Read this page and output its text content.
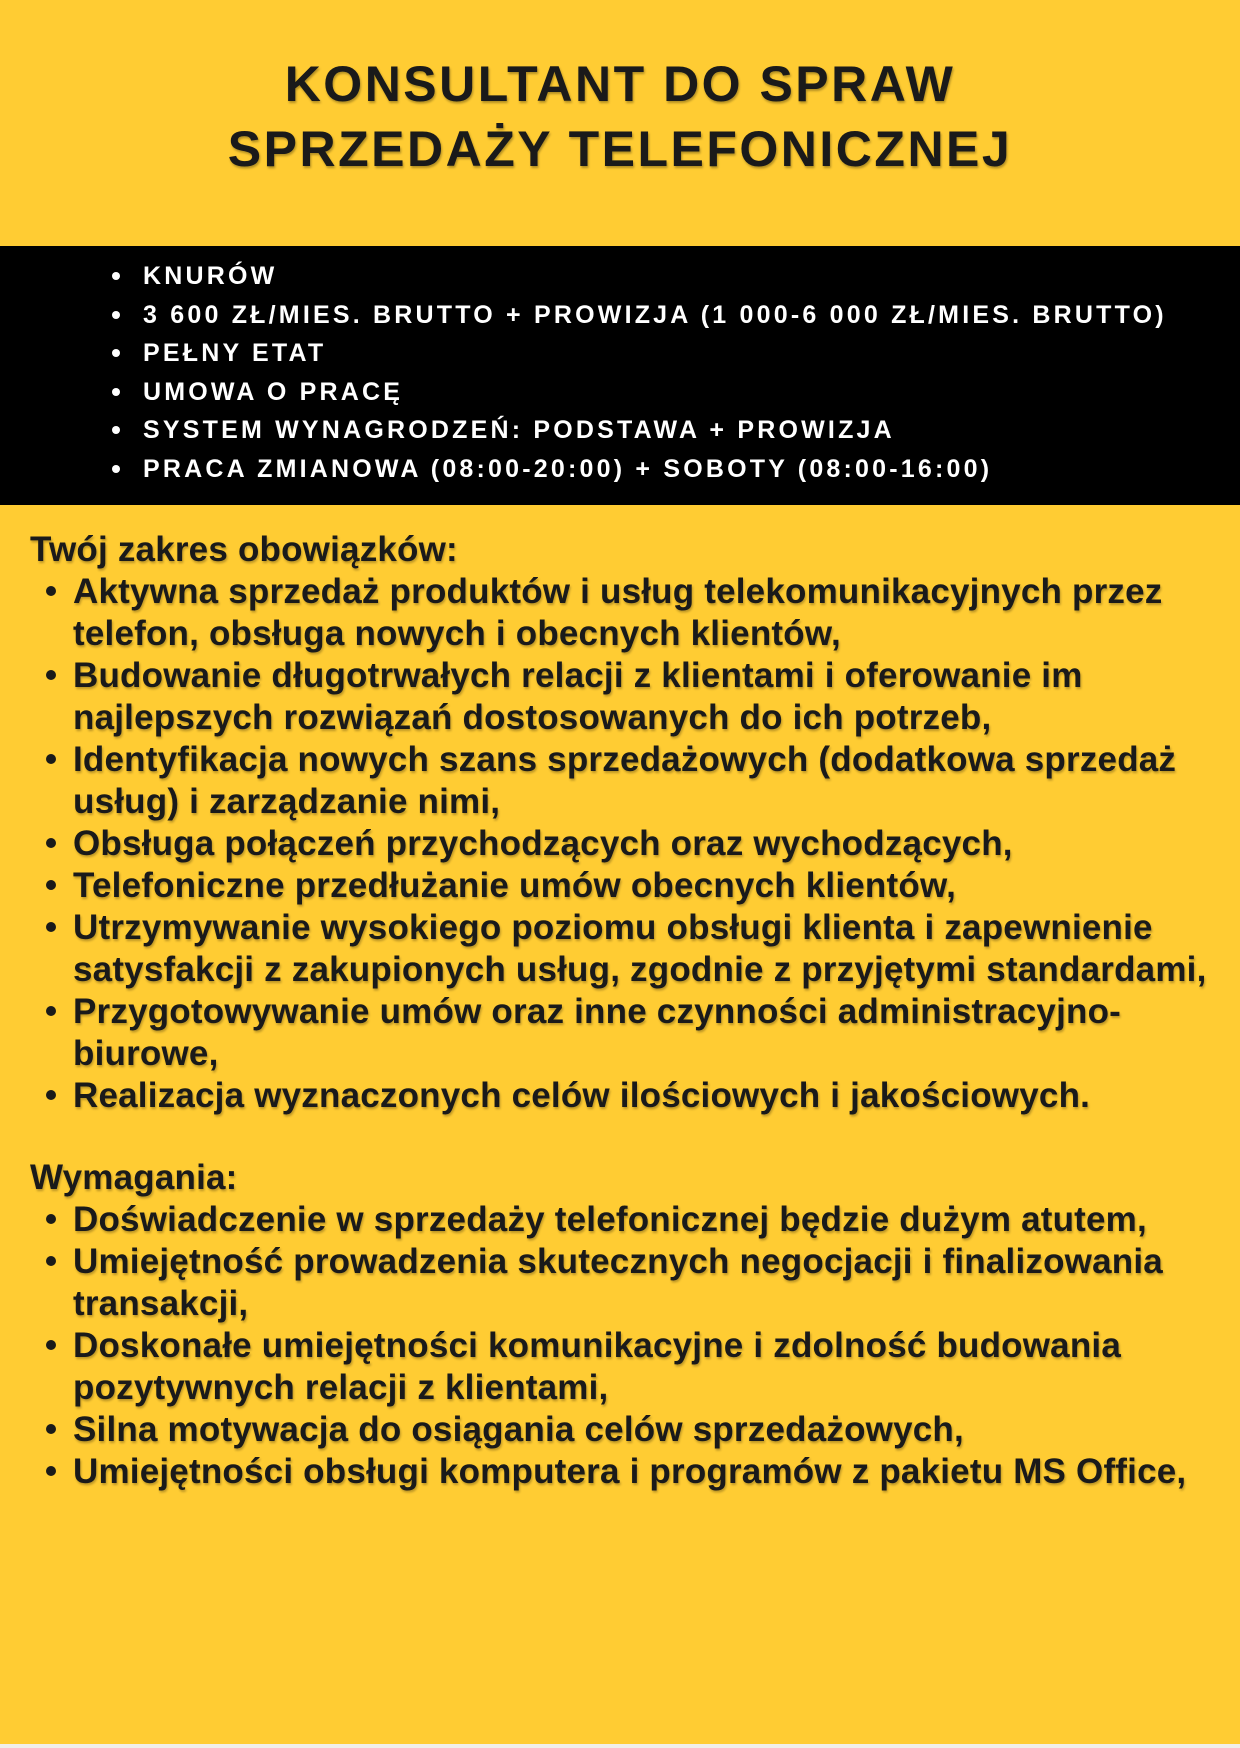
KONSULTANT DO SPRAW
SPRZEDAŻY TELEFONICZNEJ
KNURÓW
3 600 ZŁ/MIES. BRUTTO + PROWIZJA (1 000-6 000 ZŁ/MIES. BRUTTO)
PEŁNY ETAT
UMOWA O PRACĘ
SYSTEM WYNAGRODZEŃ: PODSTAWA + PROWIZJA
PRACA ZMIANOWA (08:00-20:00) + SOBOTY (08:00-16:00)
Twój zakres obowiązków:
Aktywna sprzedaż produktów i usług telekomunikacyjnych przez telefon, obsługa nowych i obecnych klientów,
Budowanie długotrwałych relacji z klientami i oferowanie im najlepszych rozwiązań dostosowanych do ich potrzeb,
Identyfikacja nowych szans sprzedażowych (dodatkowa sprzedaż usług) i zarządzanie nimi,
Obsługa połączeń przychodzących oraz wychodzących,
Telefoniczne przedłużanie umów obecnych klientów,
Utrzymywanie wysokiego poziomu obsługi klienta i zapewnienie satysfakcji z zakupionych usług, zgodnie z przyjętymi standardami,
Przygotowywanie umów oraz inne czynności administracyjno-biurowe,
Realizacja wyznaczonych celów ilościowych i jakościowych.
Wymagania:
Doświadczenie w sprzedaży telefonicznej będzie dużym atutem,
Umiejętność prowadzenia skutecznych negocjacji i finalizowania transakcji,
Doskonałe umiejętności komunikacyjne i zdolność budowania pozytywnych relacji z klientami,
Silna motywacja do osiągania celów sprzedażowych,
Umiejętności obsługi komputera i programów z pakietu MS Office,
